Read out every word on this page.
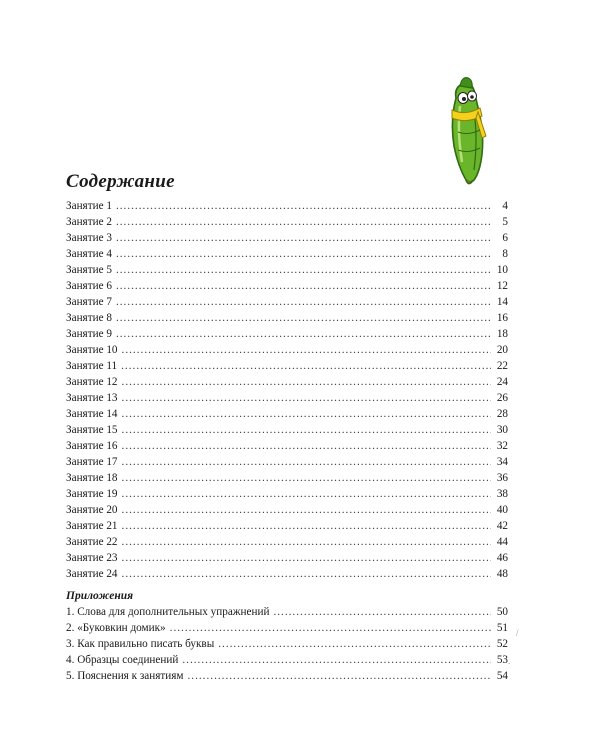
Содержание
Занятие 1 .....	4
Занятие 2 .....	5
Занятие 3 .....	6
Занятие 4 .....	8
Занятие 5 .....	10
Занятие 6 .....	12
Занятие 7 .....	14
Занятие 8 .....	16
Занятие 9 .....	18
Занятие 10 .....	20
Занятие 11 .....	22
Занятие 12 .....	24
Занятие 13 .....	26
Занятие 14 .....	28
Занятие 15 .....	30
Занятие 16 .....	32
Занятие 17 .....	34
Занятие 18 .....	36
Занятие 19 .....	38
Занятие 20 .....	40
Занятие 21 .....	42
Занятие 22 .....	44
Занятие 23 .....	46
Занятие 24 .....	48
Приложения
1. Слова для дополнительных упражнений .....	50
2. «Буковкин домик» .....	51
3. Как правильно писать буквы .....	52
4. Образцы соединений .....	53
5. Пояснения к занятиям .....	54
/
.
